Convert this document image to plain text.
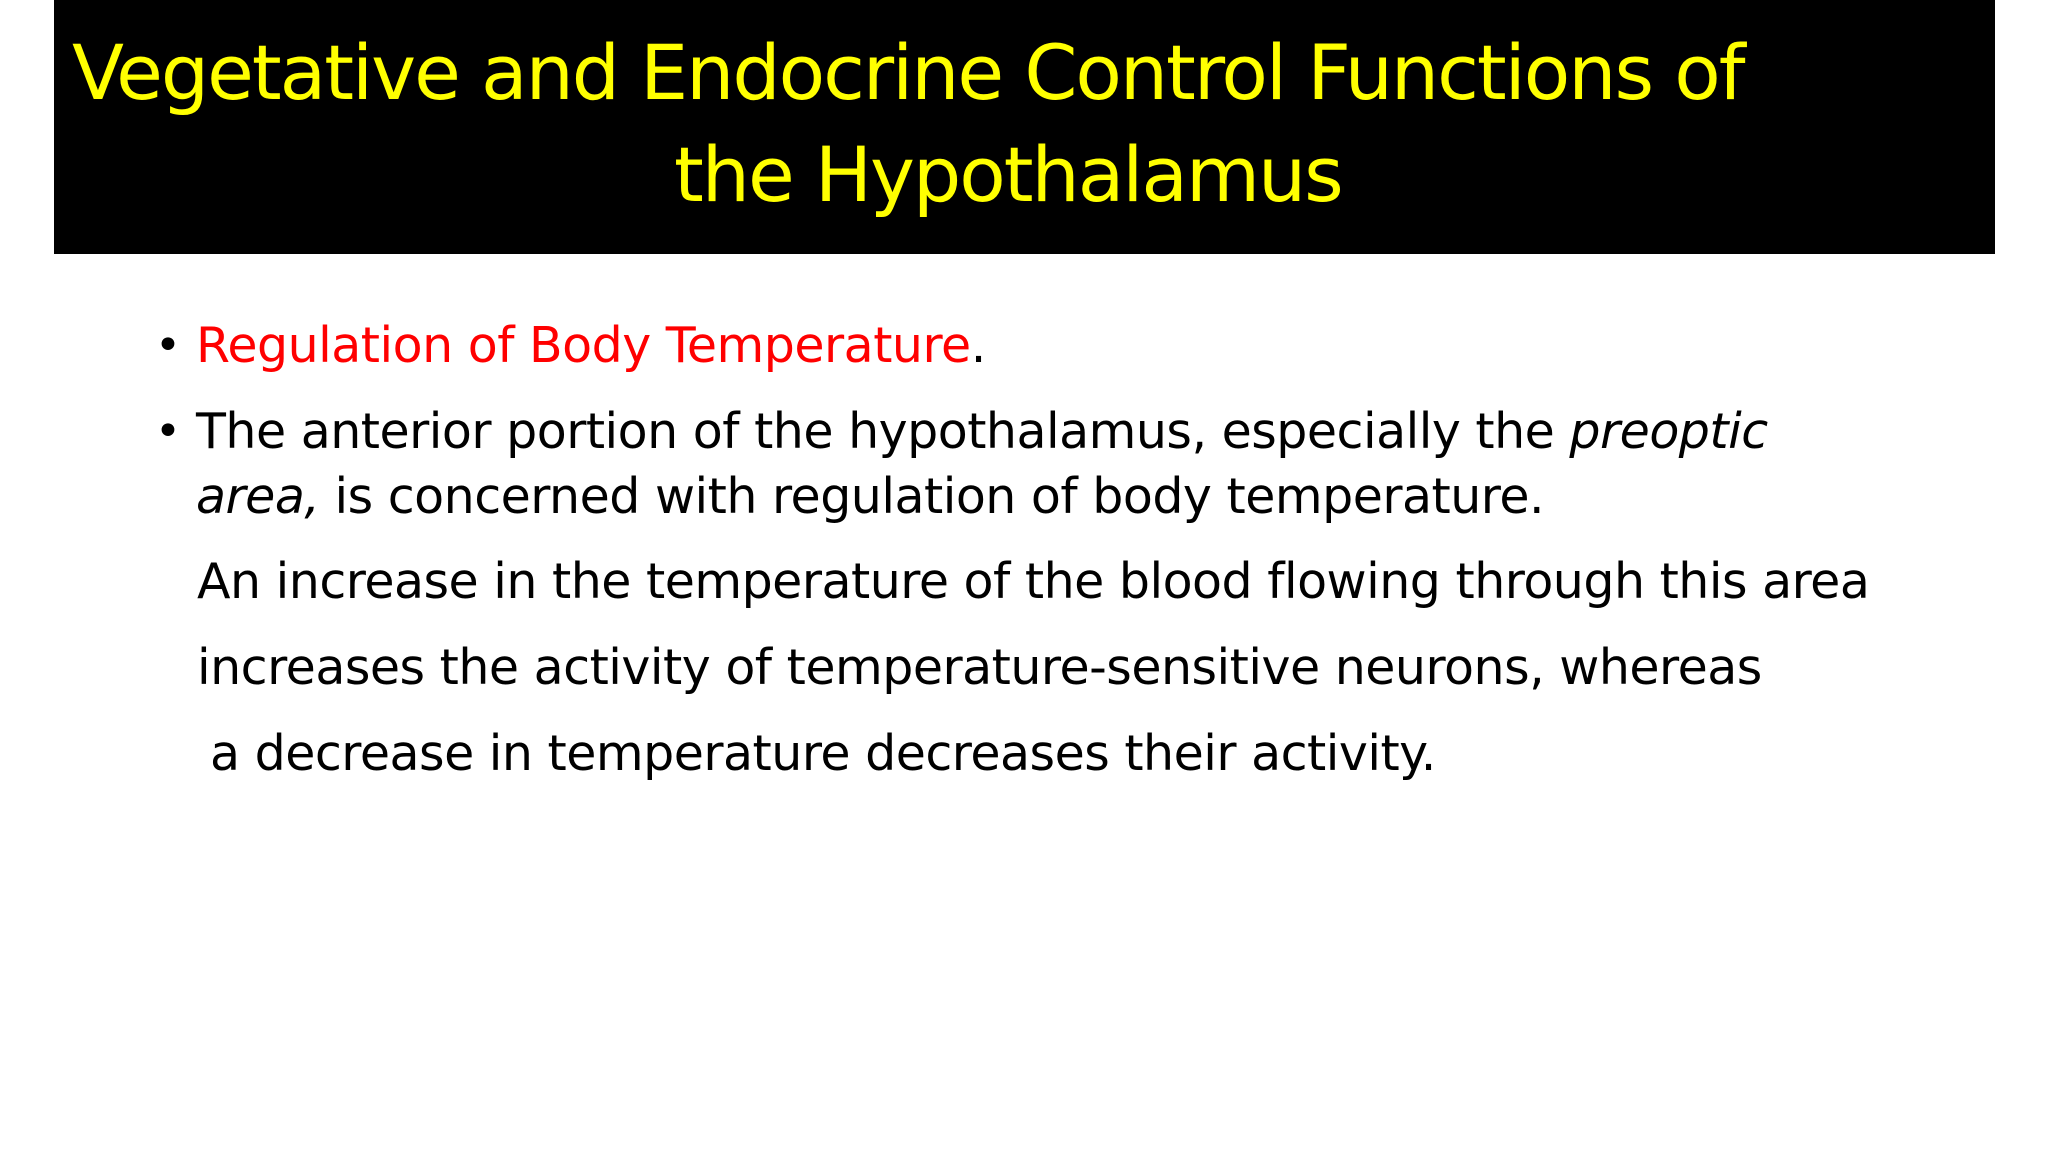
Vegetative and Endocrine Control Functions of
the Hypothalamus
• Regulation of Body Temperature.
• The anterior portion of the hypothalamus, especially the preoptic
area, is concerned with regulation of body temperature.
An increase in the temperature of the blood flowing through this area
increases the activity of temperature-sensitive neurons, whereas
a decrease in temperature decreases their activity.
